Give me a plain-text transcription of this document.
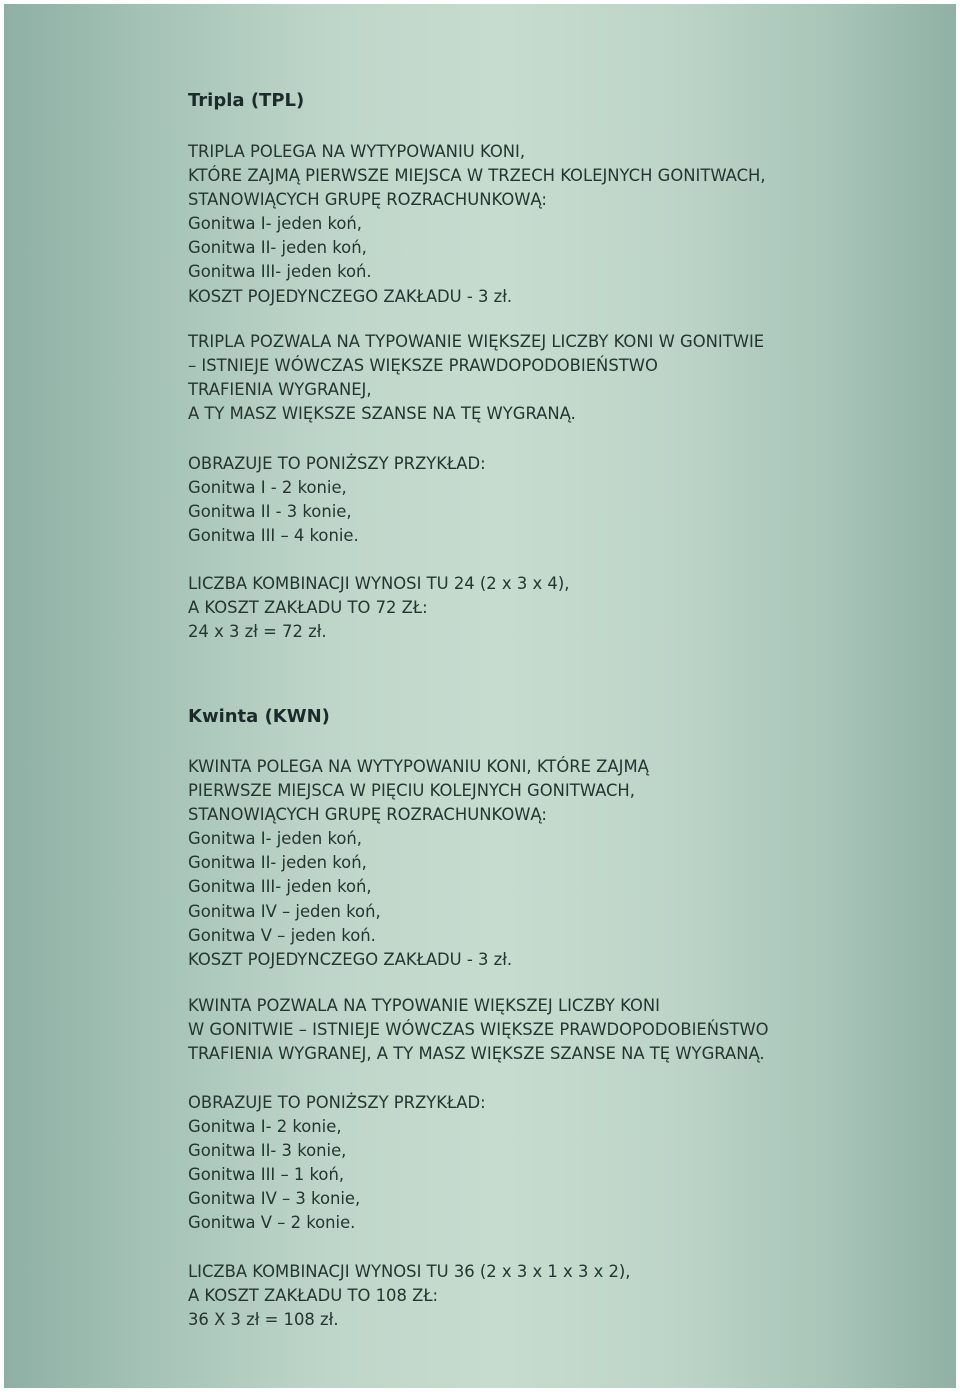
Tripla (TPL)
TRIPLA POLEGA NA WYTYPOWANIU KONI,
KTÓRE ZAJMĄ PIERWSZE MIEJSCA W TRZECH KOLEJNYCH GONITWACH,
STANOWIĄCYCH GRUPĘ ROZRACHUNKOWĄ:
Gonitwa I- jeden koń,
Gonitwa II- jeden koń,
Gonitwa III- jeden koń.
KOSZT POJEDYNCZEGO ZAKŁADU - 3 zł.
TRIPLA POZWALA NA TYPOWANIE WIĘKSZEJ LICZBY KONI W GONITWIE
– ISTNIEJE WÓWCZAS WIĘKSZE PRAWDOPODOBIEŃSTWO
TRAFIENIA WYGRANEJ,
A TY MASZ WIĘKSZE SZANSE NA TĘ WYGRANĄ.
OBRAZUJE TO PONIŻSZY PRZYKŁAD:
Gonitwa I - 2 konie,
Gonitwa II - 3 konie,
Gonitwa III – 4 konie.
LICZBA KOMBINACJI WYNOSI TU 24 (2 x 3 x 4),
A KOSZT ZAKŁADU TO 72 ZŁ:
24 x 3 zł = 72 zł.
Kwinta (KWN)
KWINTA POLEGA NA WYTYPOWANIU KONI, KTÓRE ZAJMĄ
PIERWSZE MIEJSCA W PIĘCIU KOLEJNYCH GONITWACH,
STANOWIĄCYCH GRUPĘ ROZRACHUNKOWĄ:
Gonitwa I- jeden koń,
Gonitwa II- jeden koń,
Gonitwa III- jeden koń,
Gonitwa IV – jeden koń,
Gonitwa V – jeden koń.
KOSZT POJEDYNCZEGO ZAKŁADU - 3 zł.
KWINTA POZWALA NA TYPOWANIE WIĘKSZEJ LICZBY KONI
W GONITWIE – ISTNIEJE WÓWCZAS WIĘKSZE PRAWDOPODOBIEŃSTWO
TRAFIENIA WYGRANEJ, A TY MASZ WIĘKSZE SZANSE NA TĘ WYGRANĄ.
OBRAZUJE TO PONIŻSZY PRZYKŁAD:
Gonitwa I- 2 konie,
Gonitwa II- 3 konie,
Gonitwa III – 1 koń,
Gonitwa IV – 3 konie,
Gonitwa V – 2 konie.
LICZBA KOMBINACJI WYNOSI TU 36 (2 x 3 x 1 x 3 x 2),
A KOSZT ZAKŁADU TO 108 ZŁ:
36 X 3 zł = 108 zł.
